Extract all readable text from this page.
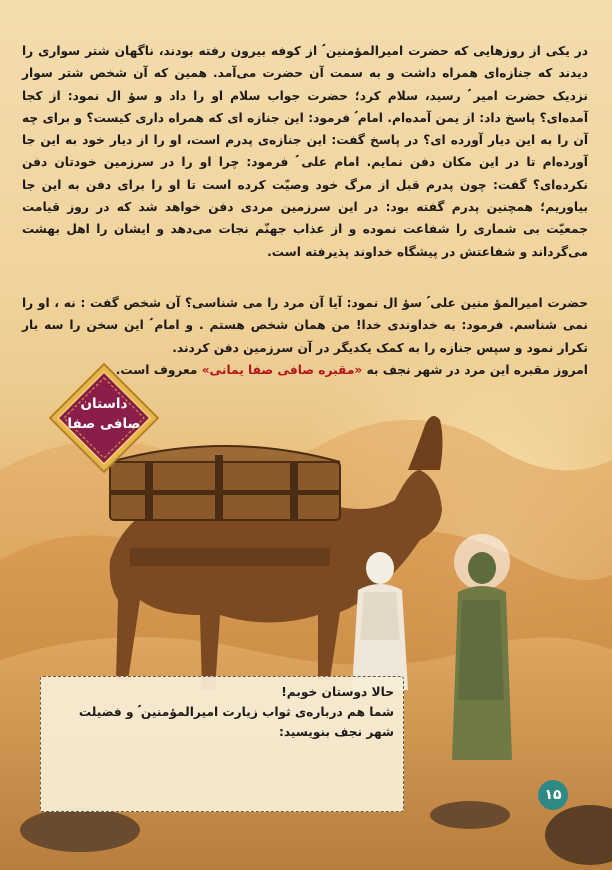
در یکی از روزهایی که حضرت امیرالمؤمنین ؑ از کوفه بیرون رفته بودند، ناگهان شتر سواری را دیدند که جنازه‌ای همراه داشت و به سمت آن حضرت می‌آمد. همین که آن شخص شتر سوار نزدیک حضرت امیر ؑ رسید، سلام کرد؛ حضرت جواب سلام او را داد و سؤ ال نمود: از کجا آمده‌ای؟ پاسخ داد: از یمن آمده‌ام. امام ؑ فرمود: این جنازه ای که همراه داری کیست؟ و برای چه آن را به این دیار آورده ای؟ در پاسخ گفت: این جنازه‌ی پدرم است، او را از دیار خود به این جا آورده‌ام تا در این مکان دفن نمایم. امام علی ؑ فرمود: چرا او را در سرزمین خودتان دفن نکرده‌ای؟ گفت: چون پدرم قبل از مرگ خود وصیّت کرده است تا او را برای دفن به این جا بیاوریم؛ همچنین پدرم گفته بود: در این سرزمین مردی دفن خواهد شد که در روز قیامت جمعیّت بی شماری را شفاعت نموده و از عذاب جهنّم نجات می‌دهد و ایشان را اهل بهشت می‌گرداند و شفاعتش در پیشگاه خداوند پذیرفته است.

حضرت امیرالمؤ منین علی ؑ سؤ ال نمود: آیا آن مرد را می شناسی؟ آن شخص گفت : نه ، او را نمی شناسم. فرمود: به خداوندی خدا! من همان شخص هستم . و امام ؑ این سخن را سه بار تکرار نمود و سپس جنازه را به کمک یکدیگر در آن سرزمین دفن کردند.
امروز مقبره این مرد در شهر نجف به «مقبره صافی صفا یمانی» معروف است.

داستان
صافی صفا
حالا دوستان خوبم!
شما هم درباره‌ی ثواب زیارت امیرالمؤمنین ؑ و فضیلت
شهر نجف بنویسید:
۱۵
